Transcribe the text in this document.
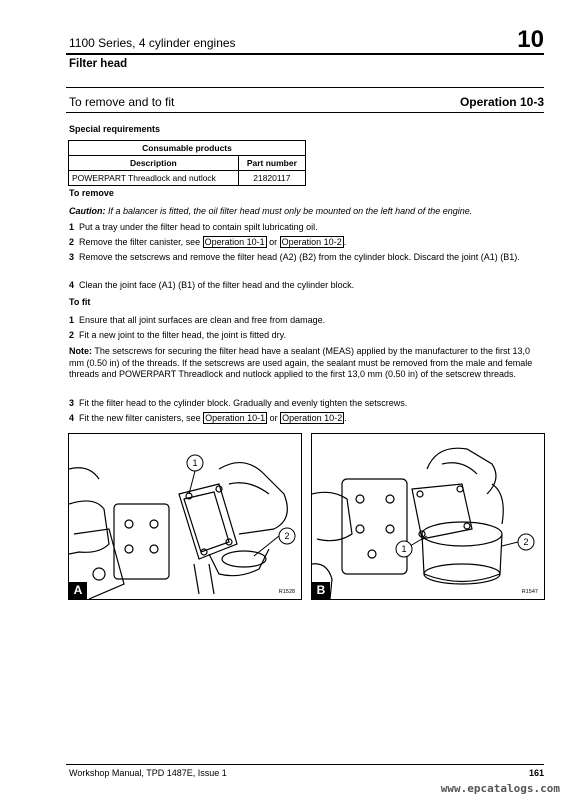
1100 Series, 4 cylinder engines	10
Filter head
To remove and to fit	Operation 10-3
Special requirements
Consumable products	
Description	Part number
POWERPART Threadlock and nutlock	21820117
To remove
Caution: If a balancer is fitted, the oil filter head must only be mounted on the left hand of the engine.
1 Put a tray under the filter head to contain spilt lubricating oil.
2 Remove the filter canister, see Operation 10-1 or Operation 10-2 .
3 Remove the setscrews and remove the filter head (A2) (B2) from the cylinder block. Discard the joint (A1) (B1).
4 Clean the joint face (A1) (B1) of the filter head and the cylinder block.
To fit
1 Ensure that all joint surfaces are clean and free from damage.
2 Fit a new joint to the filter head, the joint is fitted dry.
Note: The setscrews for securing the filter head have a sealant (MEAS) applied by the manufacturer to the first 13,0 mm (0.50 in) of the threads. If the setscrews are used again, the sealant must be removed from the male and female threads and POWERPART Threadlock and nutlock applied to the first 13,0 mm (0.50 in) of the setscrew threads.
3 Fit the filter head to the cylinder block. Gradually and evenly tighten the setscrews.
4 Fit the new filter canisters, see Operation 10-1 or Operation 10-2 .
1
2
A	R1528
1
2
B	R1547
Workshop Manual, TPD 1487E, Issue 1	161
www.epcatalogs.com
